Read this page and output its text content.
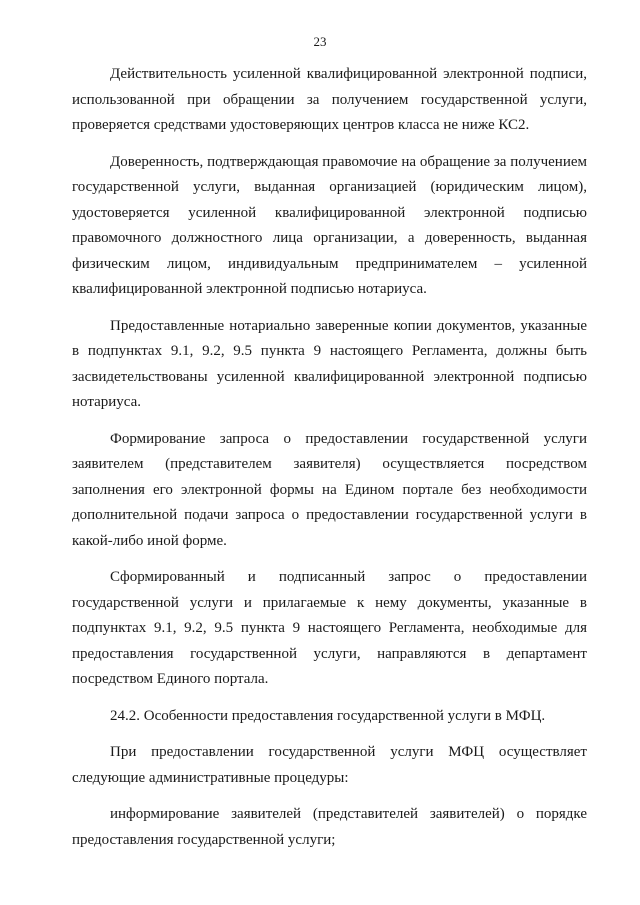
23

Действительность усиленной квалифицированной электронной подписи, использованной при обращении за получением государственной услуги, проверяется средствами удостоверяющих центров класса не ниже КС2.

Доверенность, подтверждающая правомочие на обращение за получением государственной услуги, выданная организацией (юридическим лицом), удостоверяется усиленной квалифицированной электронной подписью правомочного должностного лица организации, а доверенность, выданная физическим лицом, индивидуальным предпринимателем – усиленной квалифицированной электронной подписью нотариуса.

Предоставленные нотариально заверенные копии документов, указанные в подпунктах 9.1, 9.2, 9.5 пункта 9 настоящего Регламента, должны быть засвидетельствованы усиленной квалифицированной электронной подписью нотариуса.

Формирование запроса о предоставлении государственной услуги заявителем (представителем заявителя) осуществляется посредством заполнения его электронной формы на Едином портале без необходимости дополнительной подачи запроса о предоставлении государственной услуги в какой-либо иной форме.

Сформированный и подписанный запрос о предоставлении государственной услуги и прилагаемые к нему документы, указанные в подпунктах 9.1, 9.2, 9.5 пункта 9 настоящего Регламента, необходимые для предоставления государственной услуги, направляются в департамент посредством Единого портала.

24.2. Особенности предоставления государственной услуги в МФЦ.

При предоставлении государственной услуги МФЦ осуществляет следующие административные процедуры:

информирование заявителей (представителей заявителей) о порядке предоставления государственной услуги;
